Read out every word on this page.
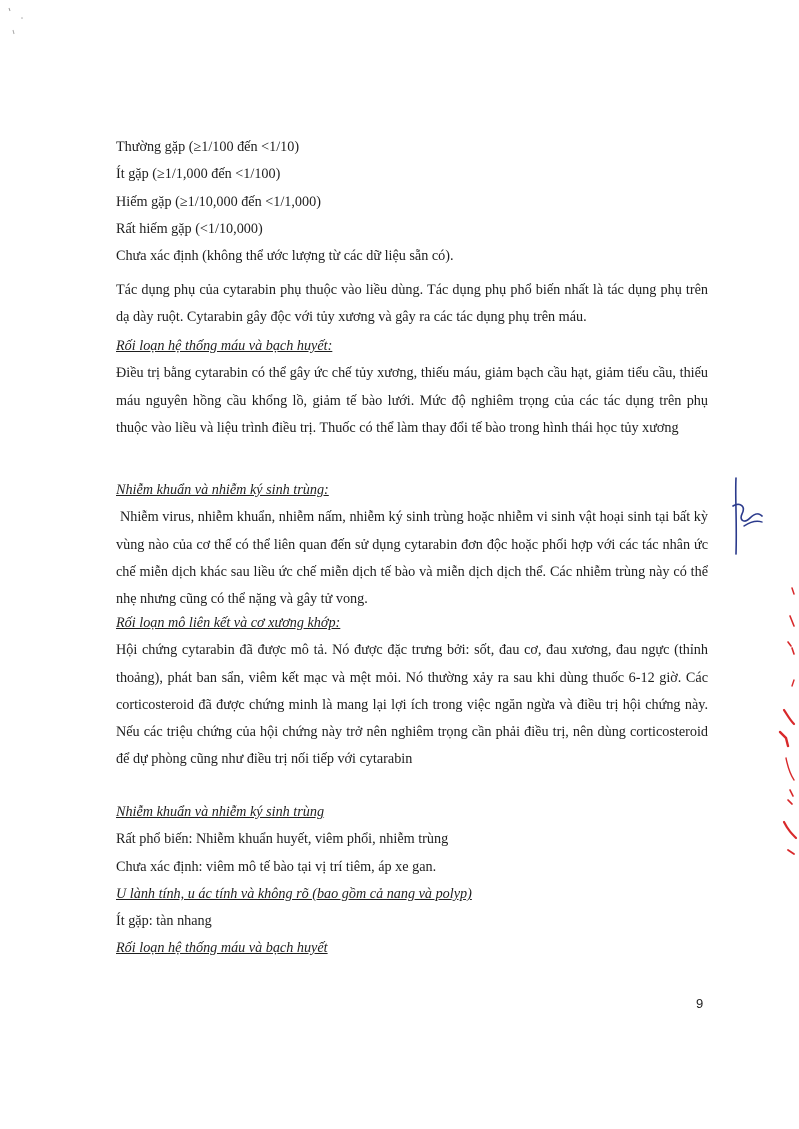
Thường gặp (≥1/100 đến <1/10)

Ít gặp (≥1/1,000 đến <1/100)

Hiếm gặp (≥1/10,000 đến <1/1,000)

Rất hiếm gặp (<1/10,000)

Chưa xác định (không thể ước lượng từ các dữ liệu sẵn có).

Tác dụng phụ của cytarabin phụ thuộc vào liều dùng. Tác dụng phụ phổ biến nhất là tác dụng phụ trên dạ dày ruột. Cytarabin gây độc với tủy xương và gây ra các tác dụng phụ trên máu.

Rối loạn hệ thống máu và bạch huyết:

Điều trị bằng cytarabin có thể gây ức chế tủy xương, thiếu máu, giảm bạch cầu hạt, giảm tiểu cầu, thiếu máu nguyên hồng cầu khổng lồ, giảm tế bào lưới. Mức độ nghiêm trọng của các tác dụng trên phụ thuộc vào liều và liệu trình điều trị. Thuốc có thể làm thay đổi tế bào trong hình thái học tủy xương

Nhiễm khuẩn và nhiễm ký sinh trùng:

Nhiễm virus, nhiễm khuẩn, nhiễm nấm, nhiễm ký sinh trùng hoặc nhiễm vi sinh vật hoại sinh tại bất kỳ vùng nào của cơ thể có thể liên quan đến sử dụng cytarabin đơn độc hoặc phối hợp với các tác nhân ức chế miễn dịch khác sau liều ức chế miễn dịch tế bào và miễn dịch dịch thể. Các nhiễm trùng này có thể nhẹ nhưng cũng có thể nặng và gây tử vong.

Rối loạn mô liên kết và cơ xương khớp:

Hội chứng cytarabin đã được mô tả. Nó được đặc trưng bởi: sốt, đau cơ, đau xương, đau ngực (thỉnh thoảng), phát ban sẩn, viêm kết mạc và mệt mỏi. Nó thường xảy ra sau khi dùng thuốc 6-12 giờ. Các corticosteroid đã được chứng minh là mang lại lợi ích trong việc ngăn ngừa và điều trị hội chứng này. Nếu các triệu chứng của hội chứng này trở nên nghiêm trọng cần phải điều trị, nên dùng corticosteroid để dự phòng cũng như điều trị nối tiếp với cytarabin

Nhiễm khuẩn và nhiễm ký sinh trùng

Rất phổ biến: Nhiễm khuẩn huyết, viêm phổi, nhiễm trùng

Chưa xác định: viêm mô tế bào tại vị trí tiêm, áp xe gan.

U lành tính, u ác tính và không rõ (bao gồm cả nang và polyp)

Ít gặp: tàn nhang

Rối loạn hệ thống máu và bạch huyết

9
